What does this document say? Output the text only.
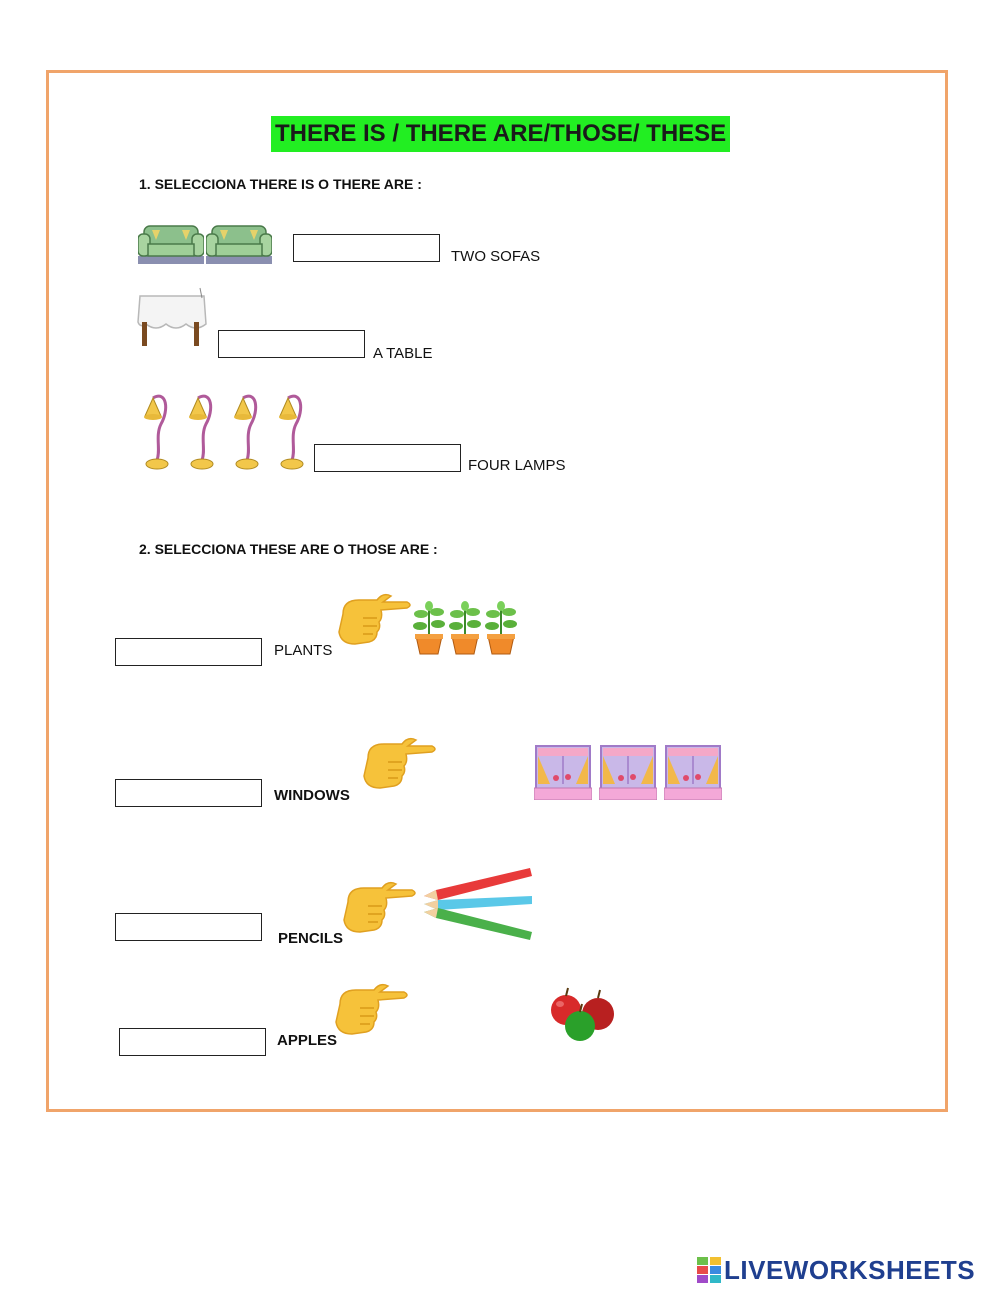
THERE IS / THERE ARE/THOSE/ THESE
1. SELECCIONA THERE IS O THERE ARE :
TWO SOFAS
A TABLE
FOUR LAMPS
2. SELECCIONA THESE ARE O THOSE ARE :
PLANTS
WINDOWS
PENCILS
APPLES
LIVEWORKSHEETS
